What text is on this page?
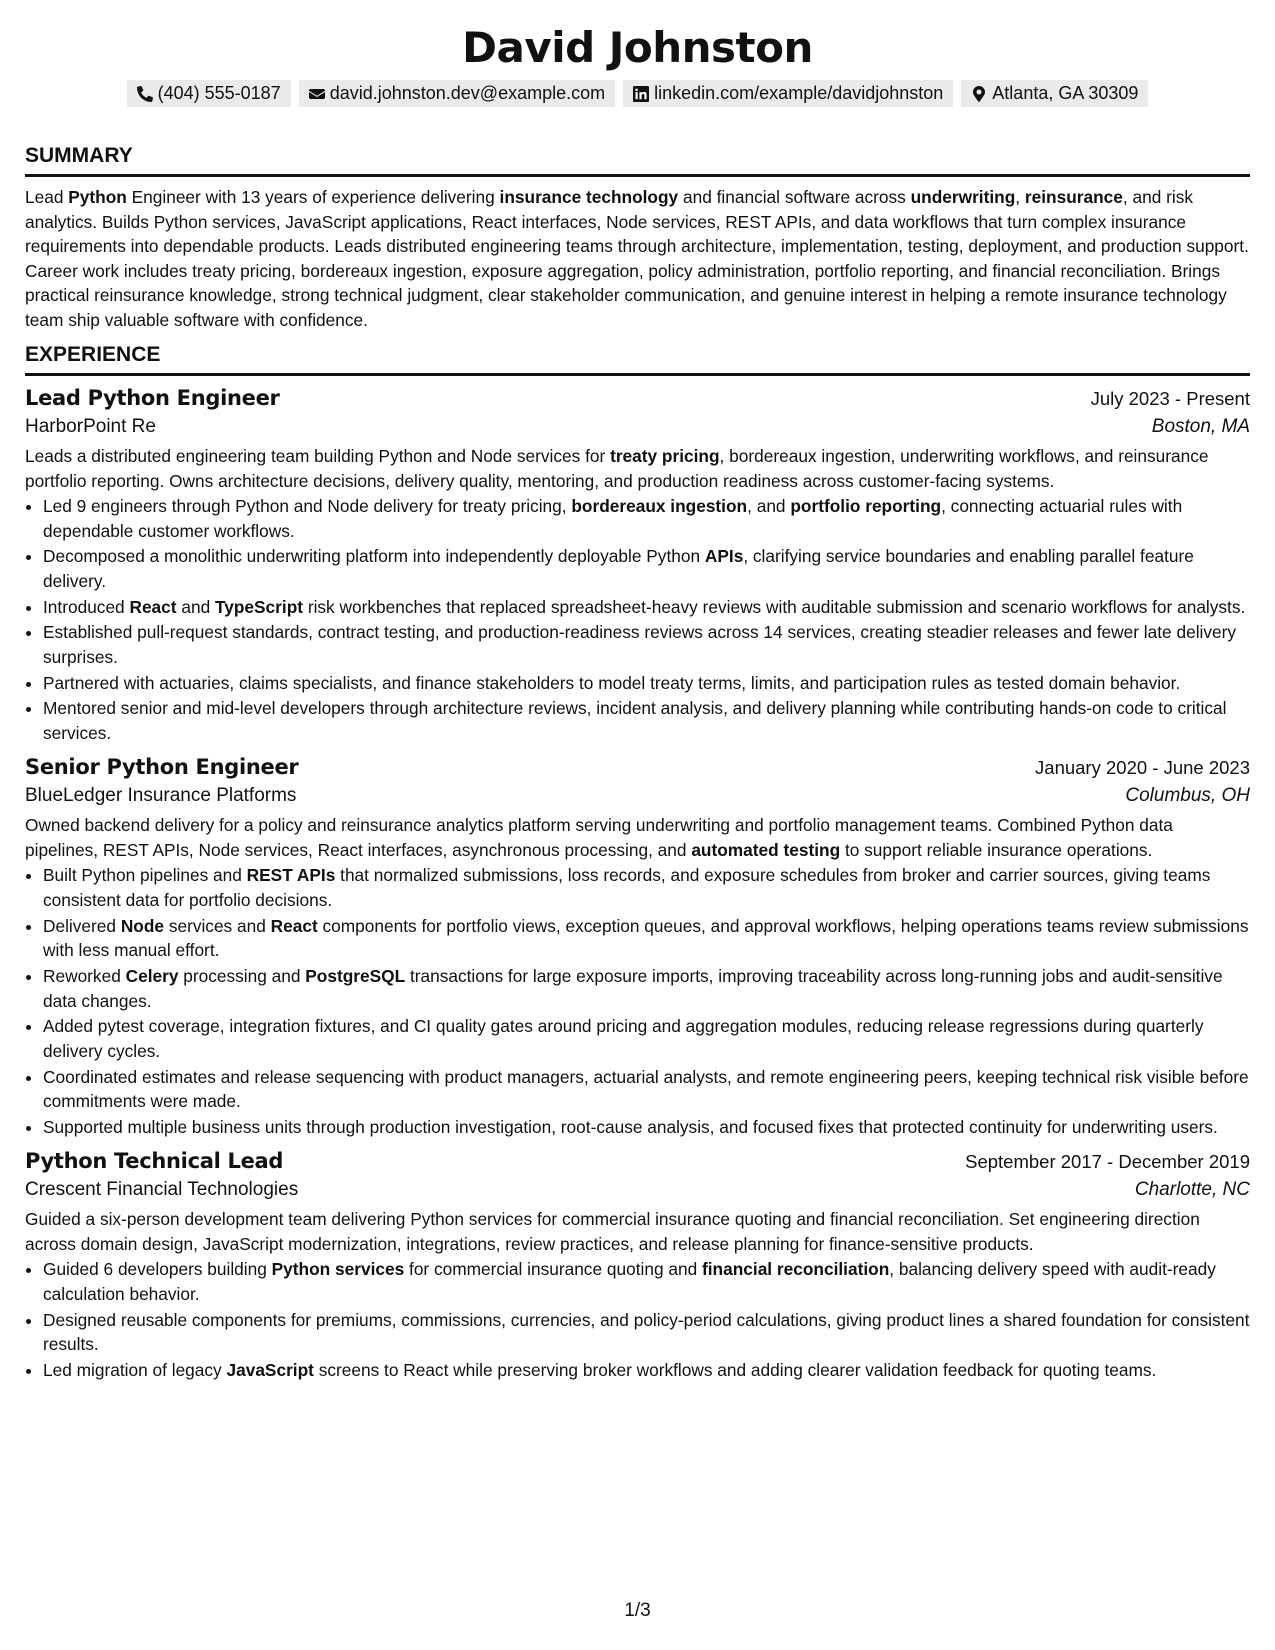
David Johnston
(404) 555-0187	david.johnston.dev@example.com	linkedin.com/example/davidjohnston	Atlanta, GA 30309
SUMMARY

Lead Python Engineer with 13 years of experience delivering insurance technology and financial software across underwriting, reinsurance, and risk analytics. Builds Python services, JavaScript applications, React interfaces, Node services, REST APIs, and data workflows that turn complex insurance requirements into dependable products. Leads distributed engineering teams through architecture, implementation, testing, deployment, and production support. Career work includes treaty pricing, bordereaux ingestion, exposure aggregation, policy administration, portfolio reporting, and financial reconciliation. Brings practical reinsurance knowledge, strong technical judgment, clear stakeholder communication, and genuine interest in helping a remote insurance technology team ship valuable software with confidence.

EXPERIENCE
Lead Python Engineer	July 2023 - Present
HarborPoint Re	Boston, MA

Leads a distributed engineering team building Python and Node services for treaty pricing, bordereaux ingestion, underwriting workflows, and reinsurance portfolio reporting. Owns architecture decisions, delivery quality, mentoring, and production readiness across customer-facing systems.

• Led 9 engineers through Python and Node delivery for treaty pricing, bordereaux ingestion, and portfolio reporting, connecting actuarial rules with dependable customer workflows.
• Decomposed a monolithic underwriting platform into independently deployable Python APIs, clarifying service boundaries and enabling parallel feature delivery.
• Introduced React and TypeScript risk workbenches that replaced spreadsheet-heavy reviews with auditable submission and scenario workflows for analysts.
• Established pull-request standards, contract testing, and production-readiness reviews across 14 services, creating steadier releases and fewer late delivery surprises.
• Partnered with actuaries, claims specialists, and finance stakeholders to model treaty terms, limits, and participation rules as tested domain behavior.
• Mentored senior and mid-level developers through architecture reviews, incident analysis, and delivery planning while contributing hands-on code to critical services.
Senior Python Engineer	January 2020 - June 2023
BlueLedger Insurance Platforms	Columbus, OH

Owned backend delivery for a policy and reinsurance analytics platform serving underwriting and portfolio management teams. Combined Python data pipelines, REST APIs, Node services, React interfaces, asynchronous processing, and automated testing to support reliable insurance operations.

• Built Python pipelines and REST APIs that normalized submissions, loss records, and exposure schedules from broker and carrier sources, giving teams consistent data for portfolio decisions.
• Delivered Node services and React components for portfolio views, exception queues, and approval workflows, helping operations teams review submissions with less manual effort.
• Reworked Celery processing and PostgreSQL transactions for large exposure imports, improving traceability across long-running jobs and audit-sensitive data changes.
• Added pytest coverage, integration fixtures, and CI quality gates around pricing and aggregation modules, reducing release regressions during quarterly delivery cycles.
• Coordinated estimates and release sequencing with product managers, actuarial analysts, and remote engineering peers, keeping technical risk visible before commitments were made.
• Supported multiple business units through production investigation, root-cause analysis, and focused fixes that protected continuity for underwriting users.
Python Technical Lead	September 2017 - December 2019
Crescent Financial Technologies	Charlotte, NC

Guided a six-person development team delivering Python services for commercial insurance quoting and financial reconciliation. Set engineering direction across domain design, JavaScript modernization, integrations, review practices, and release planning for finance-sensitive products.

• Guided 6 developers building Python services for commercial insurance quoting and financial reconciliation, balancing delivery speed with audit-ready calculation behavior.
• Designed reusable components for premiums, commissions, currencies, and policy-period calculations, giving product lines a shared foundation for consistent results.
• Led migration of legacy JavaScript screens to React while preserving broker workflows and adding clearer validation feedback for quoting teams.
1/3
